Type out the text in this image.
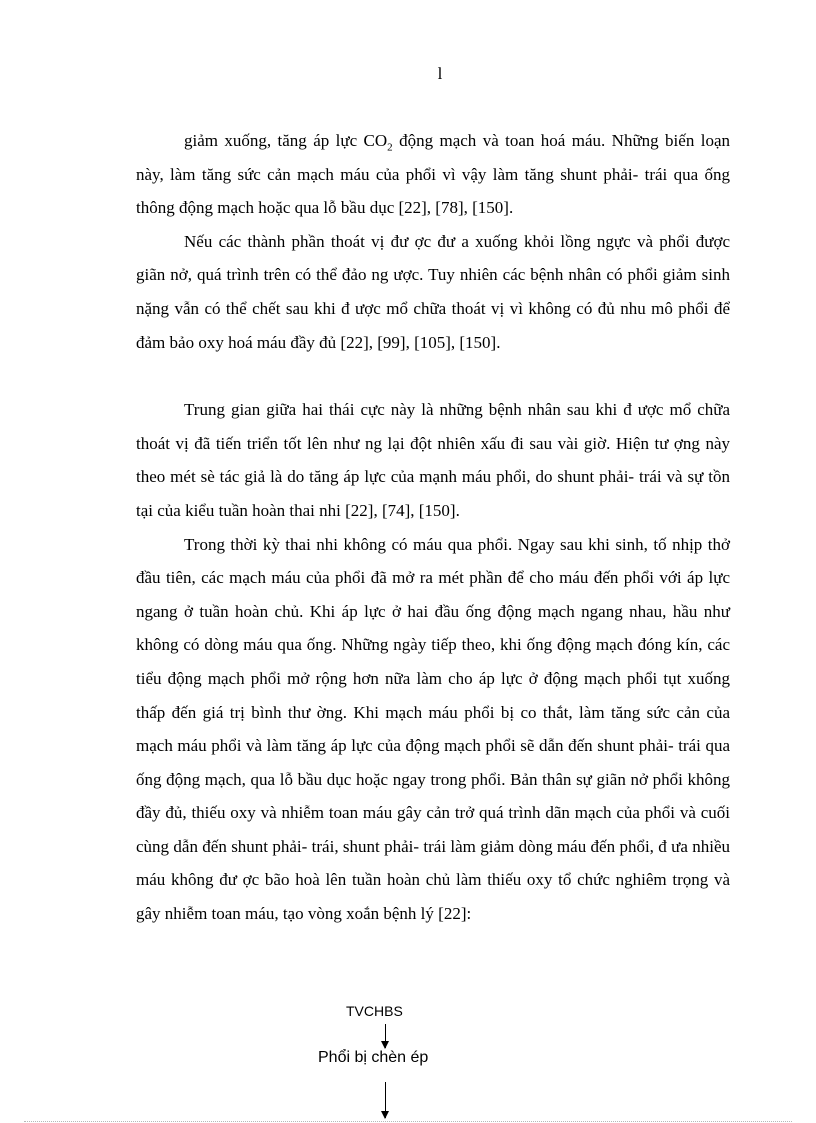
l

giảm xuống, tăng áp lực $CO_2$ động mạch và toan hoá máu. Những biến loạn này, làm tăng sức cản mạch máu của phổi vì vậy làm tăng shunt phải- trái qua ống thông động mạch hoặc qua lỗ bầu dục [22], [78], [150].

Nếu các thành phần thoát vị đư ợc đư a xuống khỏi lồng ngực và phổi được giãn nở, quá trình trên có thể đảo ng ược. Tuy nhiên các bệnh nhân có phổi giảm sinh nặng vẫn có thể chết sau khi đ ược mổ chữa thoát vị vì không có đủ nhu mô phổi để đảm bảo oxy hoá máu đầy đủ [22], [99], [105], [150].

Trung gian giữa hai thái cực này là những bệnh nhân sau khi đ ược mổ chữa thoát vị đã tiến triển tốt lên như ng lại đột nhiên xấu đi sau vài giờ. Hiện tư ợng này theo mét sè tác giả là do tăng áp lực của mạnh máu phổi, do shunt phải- trái và sự tồn tại của kiểu tuần hoàn thai nhi [22], [74], [150].

Trong thời kỳ thai nhi không có máu qua phổi. Ngay sau khi sinh, tố nhịp thở đầu tiên, các mạch máu của phổi đã mở ra mét phần để cho máu đến phổi với áp lực ngang ở tuần hoàn chủ. Khi áp lực ở hai đầu ống động mạch ngang nhau, hầu như không có dòng máu qua ống. Những ngày tiếp theo, khi ống động mạch đóng kín, các tiểu động mạch phổi mở rộng hơn nữa làm cho áp lực ở động mạch phổi tụt xuống thấp đến giá trị bình thư ờng. Khi mạch máu phổi bị co thắt, làm tăng sức cản của mạch máu phổi và làm tăng áp lực của động mạch phổi sẽ dẫn đến shunt phải- trái qua ống động mạch, qua lỗ bầu dục hoặc ngay trong phổi. Bản thân sự giãn nở phổi không đầy đủ, thiếu oxy và nhiễm toan máu gây cản trở quá trình dãn mạch của phổi và cuối cùng dẫn đến shunt phải- trái, shunt phải- trái làm giảm dòng máu đến phổi, đ ưa nhiều máu không đư ợc bão hoà lên tuần hoàn chủ làm thiếu oxy tổ chức nghiêm trọng và gây nhiễm toan máu, tạo vòng xoắn bệnh lý [22]:

TVCHBS
Phổi bị chèn ép
